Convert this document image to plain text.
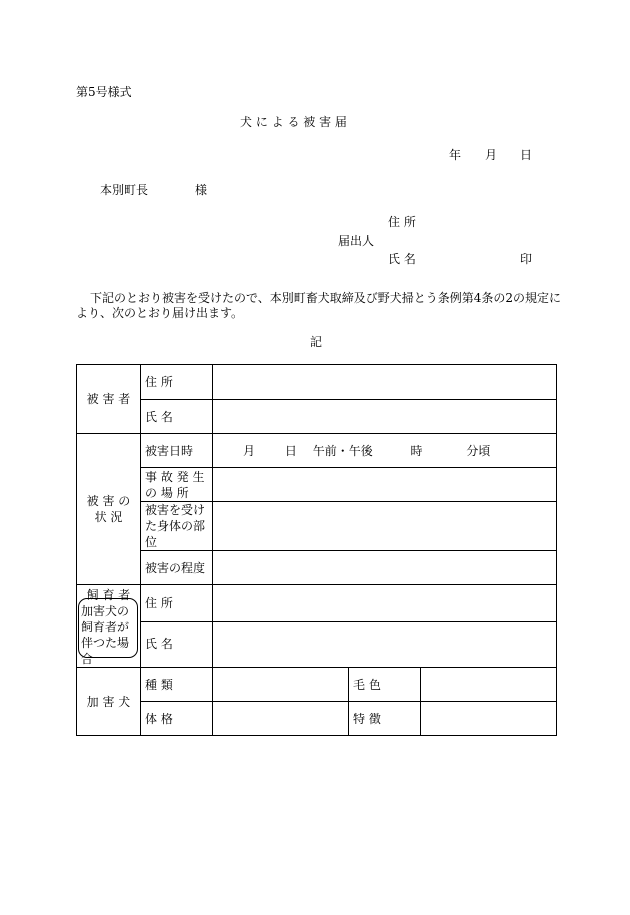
第5号様式
犬 に よ る 被 害 届
年 月 日
本別町長	様
住 所
届出人
氏 名	印
下記のとおり被害を受けたので、本別町畜犬取締及び野犬掃とう条例第4条の2の規定に
より、次のとおり届け出ます。
記
被 害 者	住 所			

	氏 名			

被 害 の
状 況	被害日時	月 日 午前・午後 時 分頃		

	事 故 発 生
の 場 所			

	被害を受け
た身体の部
位			

	被害の程度			

飼 育 者
加害犬の
飼育者が
伴つた場
合	住 所			
	氏 名			
加 害 犬	種 類		毛 色	
	体 格		特 徴	
